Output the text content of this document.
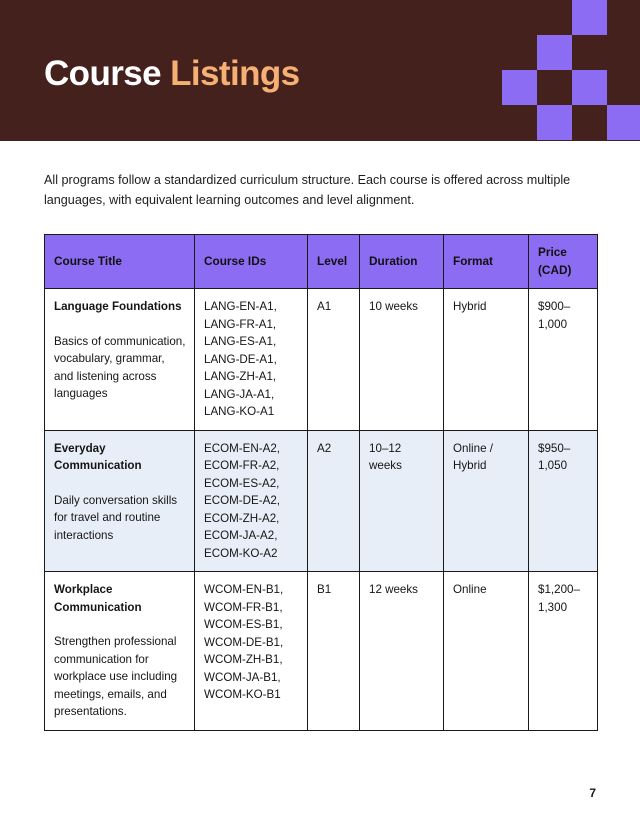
Course Listings

All programs follow a standardized curriculum structure. Each course is offered across multiple languages, with equivalent learning outcomes and level alignment.

Course Title	Course IDs	Level	Duration	Format	Price (CAD)

Language Foundations
Basics of communication, vocabulary, grammar, and listening across languages	LANG-EN-A1, LANG-FR-A1, LANG-ES-A1, LANG-DE-A1, LANG-ZH-A1, LANG-JA-A1, LANG-KO-A1	A1	10 weeks	Hybrid	$900–1,000

Everyday Communication
Daily conversation skills for travel and routine interactions	ECOM-EN-A2, ECOM-FR-A2, ECOM-ES-A2, ECOM-DE-A2, ECOM-ZH-A2, ECOM-JA-A2, ECOM-KO-A2	A2	10–12 weeks	Online / Hybrid	$950–1,050

Workplace Communication
Strengthen professional communication for workplace use including meetings, emails, and presentations.	WCOM-EN-B1, WCOM-FR-B1, WCOM-ES-B1, WCOM-DE-B1, WCOM-ZH-B1, WCOM-JA-B1, WCOM-KO-B1	B1	12 weeks	Online	$1,200–1,300
7
